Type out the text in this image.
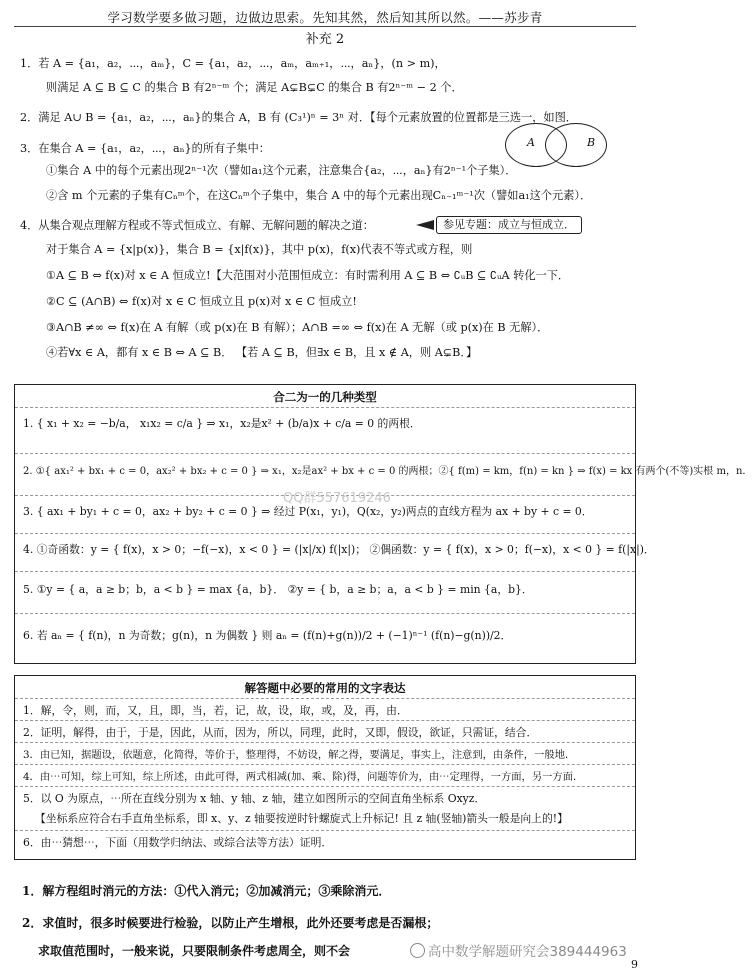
学习数学要多做习题，边做边思索。先知其然，然后知其所以然。——苏步青
补充 2
1．若 A = {a₁，a₂，⋯，aₘ}，C = {a₁，a₂，⋯，aₘ，aₘ₊₁，⋯，aₙ}，(n > m)，
则满足 A ⊆ B ⊆ C 的集合 B 有2ⁿ⁻ᵐ 个；满足 A⊊B⊊C 的集合 B 有2ⁿ⁻ᵐ − 2 个．
2．满足 A∪ B = {a₁，a₂，⋯，aₙ}的集合 A，B 有 (C₃¹)ⁿ = 3ⁿ 对．【每个元素放置的位置都是三选一，如图．
A	B
3．在集合 A = {a₁，a₂，⋯，aₙ}的所有子集中：
①集合 A 中的每个元素出现2ⁿ⁻¹次（譬如a₁这个元素，注意集合{a₂，⋯，aₙ}有2ⁿ⁻¹个子集）．
②含 m 个元素的子集有Cₙᵐ个，在这Cₙᵐ个子集中，集合 A 中的每个元素出现Cₙ₋₁ᵐ⁻¹次（譬如a₁这个元素）．
4．从集合观点理解方程或不等式恒成立、有解、无解问题的解决之道：	参见专题：成立与恒成立．
对于集合 A = {x|p(x)}，集合 B = {x|f(x)}，其中 p(x)，f(x)代表不等式或方程，则
①A ⊆ B ⇔ f(x)对 x ∈ A 恒成立!【大范围对小范围恒成立：有时需利用 A ⊆ B ⇔ ∁ᵤB ⊆ ∁ᵤA 转化一下．
②C ⊆ (A∩B) ⇔ f(x)对 x ∈ C 恒成立且 p(x)对 x ∈ C 恒成立!
③A∩B ≠∞ ⇔ f(x)在 A 有解（或 p(x)在 B 有解）；A∩B =∞ ⇔ f(x)在 A 无解（或 p(x)在 B 无解）．
④若∀x ∈ A，都有 x ∈ B ⇔ A ⊆ B． 【若 A ⊆ B，但∃x ∈ B，且 x ∉ A，则 A⊊B．】
合二为一的几种类型
1. { x₁ + x₂ = −b/a， x₁x₂ = c/a } ⇒ x₁，x₂是x² + (b/a)x + c/a = 0 的两根．
2. ①{ ax₁² + bx₁ + c = 0，ax₂² + bx₂ + c = 0 } ⇒ x₁，x₂是ax² + bx + c = 0 的两根；②{ f(m) = km，f(n) = kn } ⇒ f(x) = kx 有两个(不等)实根 m，n．
3. { ax₁ + by₁ + c = 0，ax₂ + by₂ + c = 0 } ⇒ 经过 P(x₁，y₁)，Q(x₂，y₂)两点的直线方程为 ax + by + c = 0．
4. ①奇函数：y = { f(x)，x > 0；−f(−x)，x < 0 } = (|x|/x) f(|x|)； ②偶函数：y = { f(x)，x > 0；f(−x)，x < 0 } = f(|x|)．
5. ①y = { a，a ≥ b；b，a < b } = max {a，b}． ②y = { b，a ≥ b；a，a < b } = min {a，b}．
6. 若 aₙ = { f(n)，n 为奇数；g(n)，n 为偶数 } 则 aₙ = (f(n)+g(n))/2 + (−1)ⁿ⁻¹ (f(n)−g(n))/2．
QQ群557619246
解答题中必要的常用的文字表达
1．解，令，则，而，又，且，即，当，若，记，故，设，取，或，及，再，由．
2．证明，解得，由于，于是，因此，从而，因为，所以，同理，此时，又即，假设，欲证，只需证，结合．
3．由已知，据题设，依题意，化简得，等价于，整理得，不妨设，解之得，要满足，事实上，注意到，由条件，一般地．
4．由⋯可知，综上可知，综上所述，由此可得，两式相减(加、乘、除)得，问题等价为，由⋯定理得，一方面，另一方面．
5．以 O 为原点，⋯所在直线分别为 x 轴、y 轴、z 轴，建立如图所示的空间直角坐标系 Oxyz．
【坐标系应符合右手直角坐标系，即 x、y、z 轴要按逆时针螺旋式上升标记! 且 z 轴(竖轴)箭头一般是向上的!】
6．由⋯猜想⋯，下面（用数学归纳法、或综合法等方法）证明．
1．解方程组时消元的方法：①代入消元；②加减消元；③乘除消元．
2．求值时，很多时候要进行检验，以防止产生增根，此外还要考虑是否漏根；
求取值范围时，一般来说，只要限制条件考虑周全，则不会	高中数学解题研究会389444963
9
